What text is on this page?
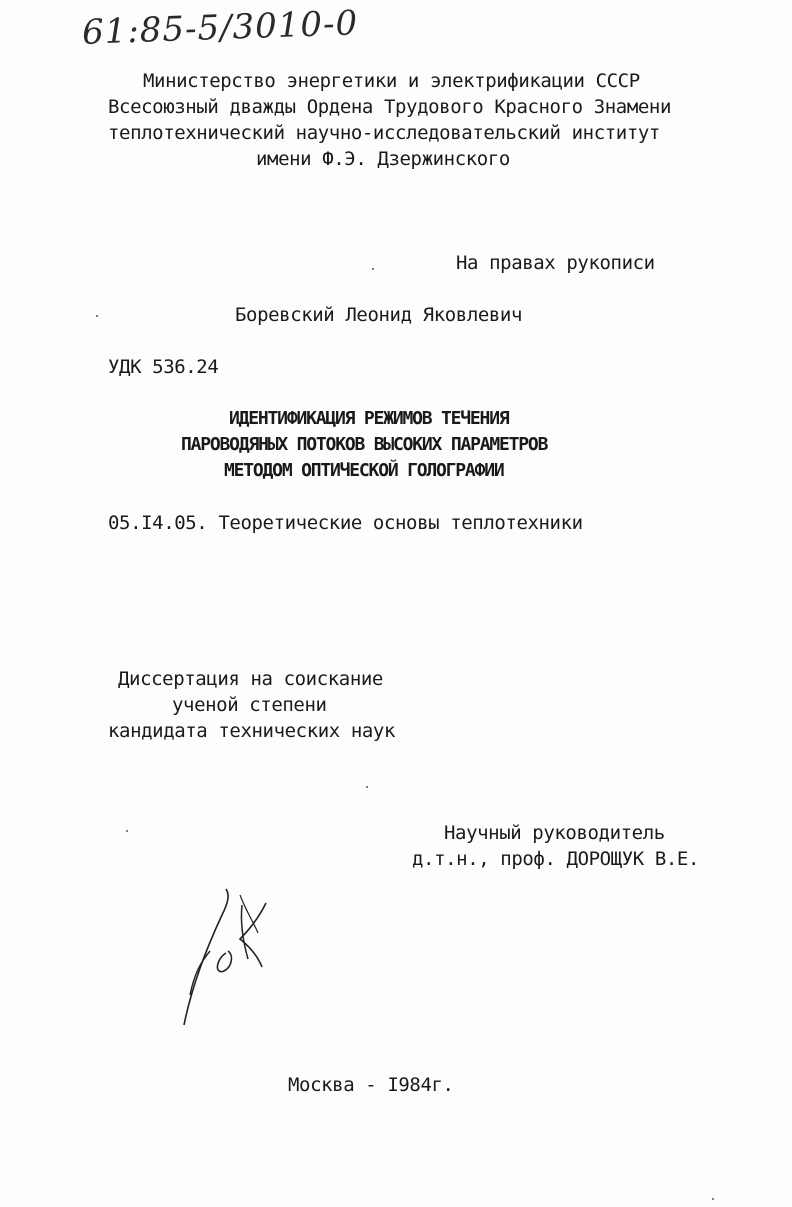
61:85-5/3010-0
Министерство энергетики и электрификации СССР
Всесоюзный дважды Ордена Трудового Красного Знамени
теплотехнический научно-исследовательский институт
имени Ф.Э. Дзержинского
На правах рукописи
Боревский Леонид Яковлевич
УДК 536.24
ИДЕНТИФИКАЦИЯ РЕЖИМОВ ТЕЧЕНИЯ
ПАРОВОДЯНЫХ ПОТОКОВ ВЫСОКИХ ПАРАМЕТРОВ
МЕТОДОМ ОПТИЧЕСКОЙ ГОЛОГРАФИИ
05.I4.05. Теоретические основы теплотехники
Диссертация на соискание
ученой степени
кандидата технических наук
Научный руководитель
д.т.н., проф. ДОРОЩУК В.Е.
Москва - I984г.
